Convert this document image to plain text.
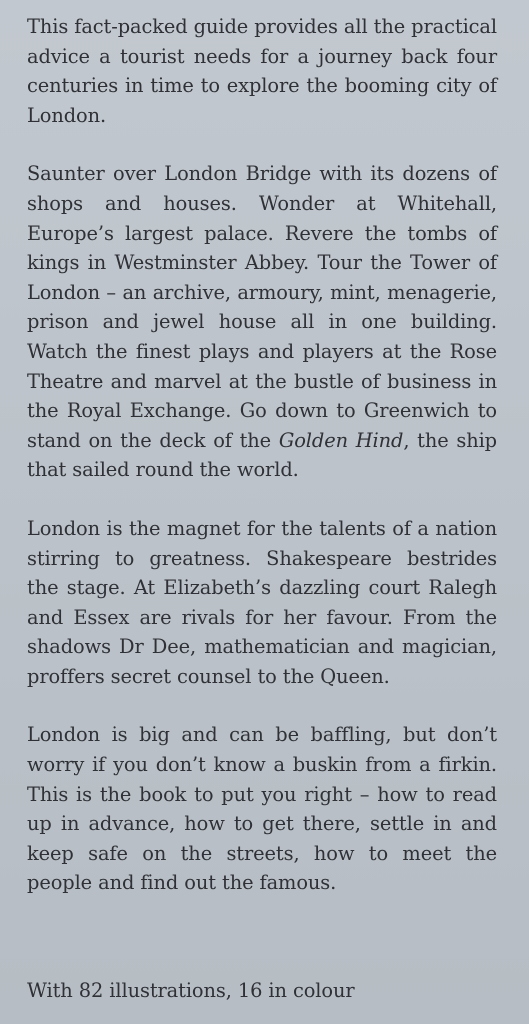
This fact-packed guide provides all the practical advice a tourist needs for a journey back four centuries in time to explore the booming city of London.

Saunter over London Bridge with its dozens of shops and houses. Wonder at Whitehall, Europe’s largest palace. Revere the tombs of kings in Westminster Abbey. Tour the Tower of London – an archive, armoury, mint, menagerie, prison and jewel house all in one building. Watch the finest plays and players at the Rose Theatre and marvel at the bustle of business in the Royal Exchange. Go down to Greenwich to stand on the deck of the Golden Hind, the ship that sailed round the world.

London is the magnet for the talents of a nation stirring to greatness. Shakespeare bestrides the stage. At Elizabeth’s dazzling court Ralegh and Essex are rivals for her favour. From the shadows Dr Dee, mathematician and magician, proffers secret counsel to the Queen.

London is big and can be baffling, but don’t worry if you don’t know a buskin from a firkin. This is the book to put you right – how to read up in advance, how to get there, settle in and keep safe on the streets, how to meet the people and find out the famous.

With 82 illustrations, 16 in colour
